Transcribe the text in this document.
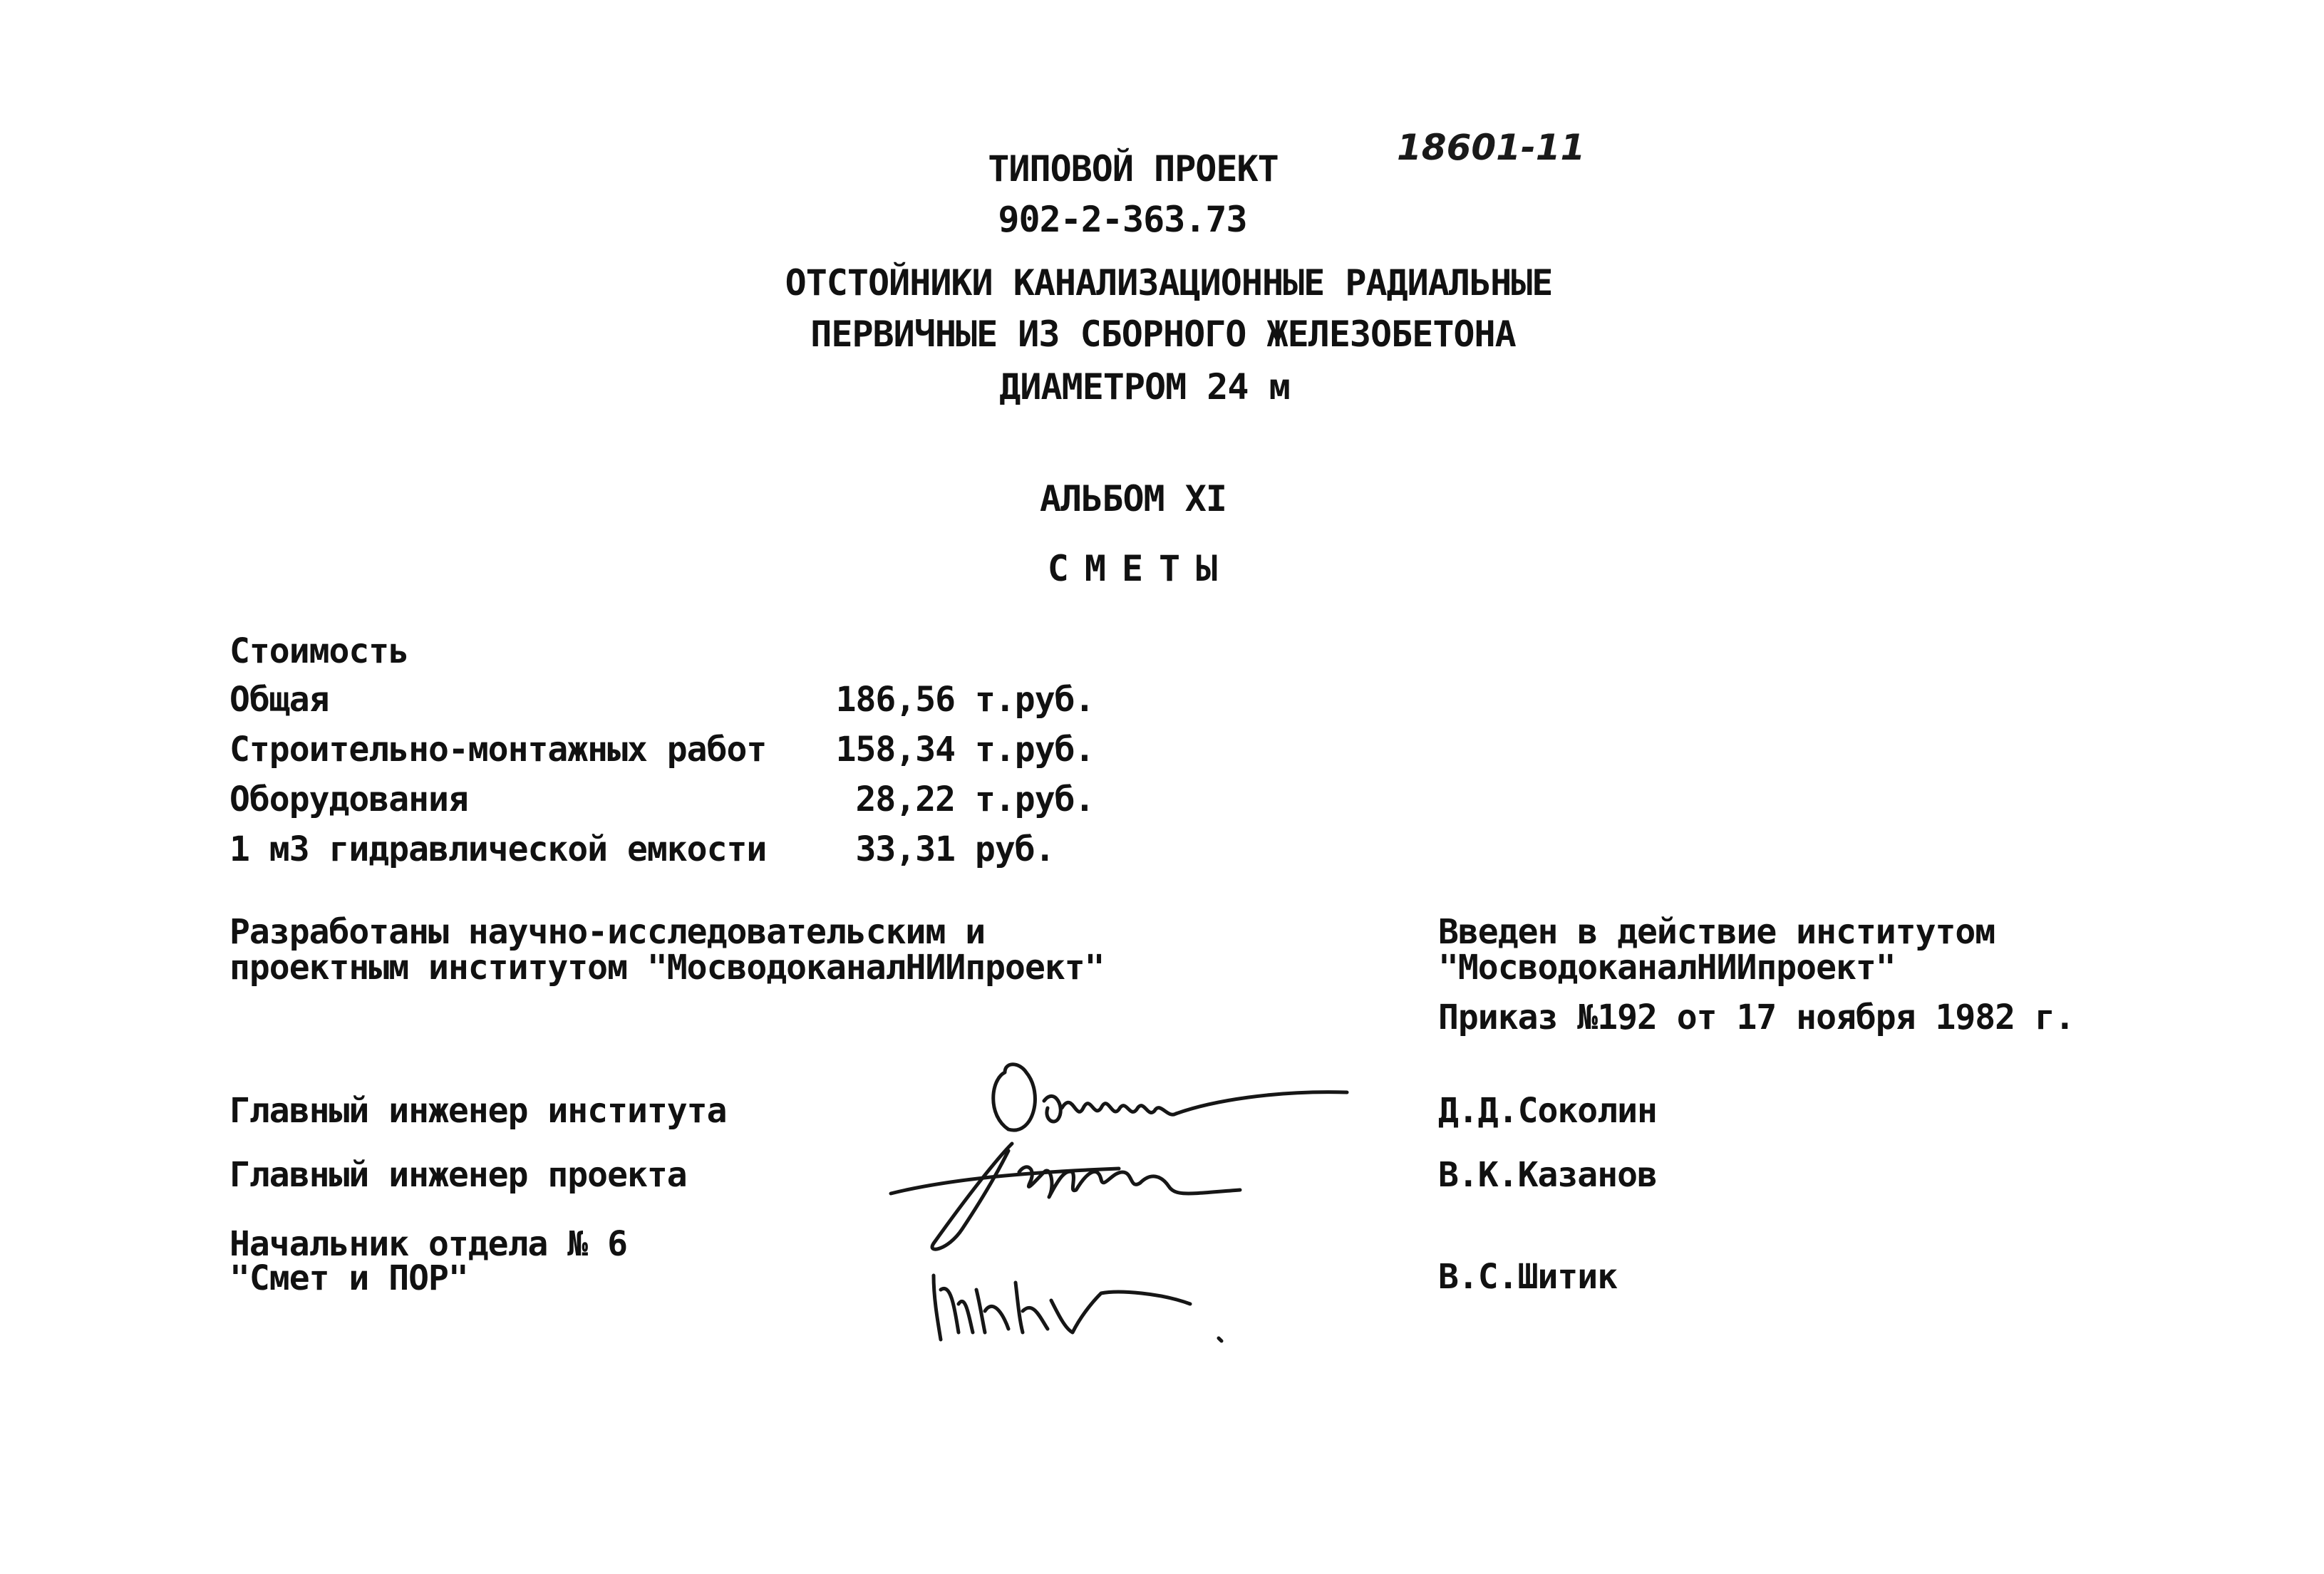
18601-11
ТИПОВОЙ ПРОЕКТ
902-2-363.73
ОТСТОЙНИКИ КАНАЛИЗАЦИОННЫЕ РАДИАЛЬНЫЕ
ПЕРВИЧНЫЕ ИЗ СБОРНОГО ЖЕЛЕЗОБЕТОНА
ДИАМЕТРОМ 24 м
АЛЬБОМ XI
СМЕТЫ
Стоимость
Общая	186,56 т.руб.
Строительно-монтажных работ	158,34 т.руб.
Оборудования	28,22 т.руб.
1 м3 гидравлической емкости	33,31 руб.
Разработаны научно-исследовательским и
проектным институтом "МосводоканалНИИпроект"
Введен в действие институтом
"МосводоканалНИИпроект"
Приказ №192 от 17 ноября 1982 г.
Главный инженер института	Д.Д.Соколин
Главный инженер проекта	В.К.Казанов
Начальник отдела № 6
"Смет и ПОР"	В.С.Шитик
